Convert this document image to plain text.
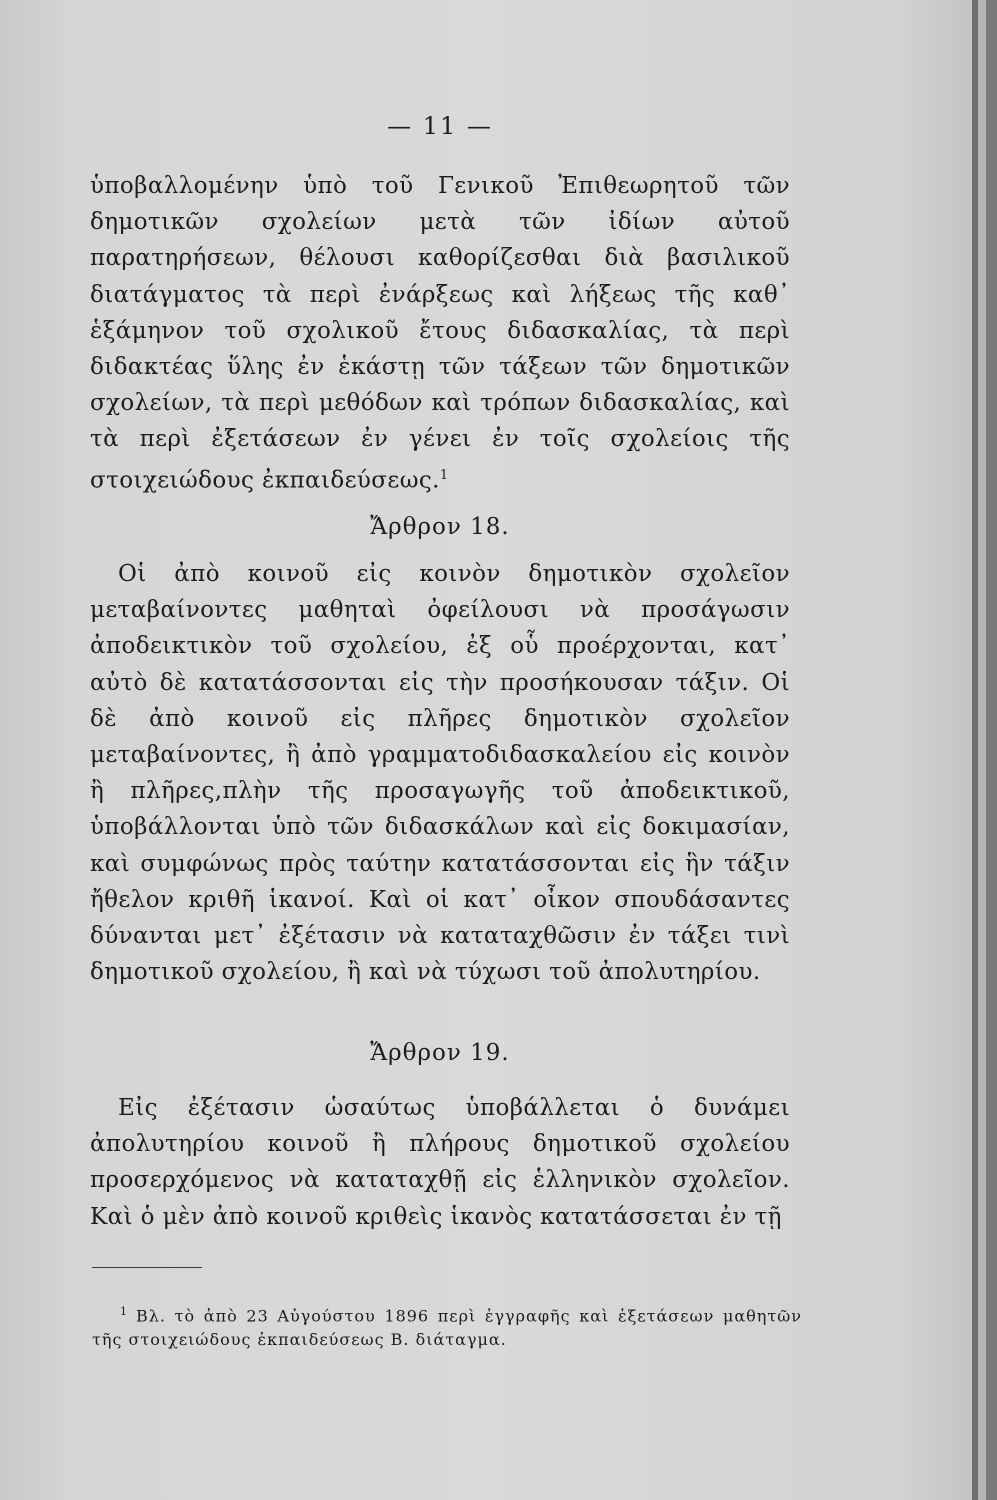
— 11 —
ὑποβαλλομένην ὑπὸ τοῦ Γενικοῦ Ἐπιθεωρητοῦ τῶν δημοτικῶν σχολείων μετὰ τῶν ἰδίων αὐτοῦ παρατηρήσεων, θέλουσι καθορίζεσθαι διὰ βασιλικοῦ διατάγματος τὰ περὶ ἐνάρξεως καὶ λήξεως τῆς καθ᾽ ἑξάμηνον τοῦ σχολικοῦ ἔτους διδασκαλίας, τὰ περὶ διδακτέας ὕλης ἐν ἑκάστῃ τῶν τάξεων τῶν δημοτικῶν σχολείων, τὰ περὶ μεθόδων καὶ τρόπων διδασκαλίας, καὶ τὰ περὶ ἐξετάσεων ἐν γένει ἐν τοῖς σχολείοις τῆς στοιχειώδους ἐκπαιδεύσεως.$^1$
Ἄρθρον 18.
Οἱ ἀπὸ κοινοῦ εἰς κοινὸν δημοτικὸν σχολεῖον μεταβαίνοντες μαθηταὶ ὀφείλουσι νὰ προσάγωσιν ἀποδεικτικὸν τοῦ σχολείου, ἐξ οὗ προέρχονται, κατ᾽ αὐτὸ δὲ κατατάσσονται εἰς τὴν προσήκουσαν τάξιν. Οἱ δὲ ἀπὸ κοινοῦ εἰς πλῆρες δημοτικὸν σχολεῖον μεταβαίνοντες, ἢ ἀπὸ γραμματοδιδασκαλείου εἰς κοινὸν ἢ πλῆρες,πλὴν τῆς προσαγωγῆς τοῦ ἀποδεικτικοῦ, ὑποβάλλονται ὑπὸ τῶν διδασκάλων καὶ εἰς δοκιμασίαν, καὶ συμφώνως πρὸς ταύτην κατατάσσονται εἰς ἣν τάξιν ἤθελον κριθῆ ἱκανοί. Καὶ οἱ κατ᾽ οἶκον σπουδάσαντες δύνανται μετ᾽ ἐξέτασιν νὰ καταταχθῶσιν ἐν τάξει τινὶ δημοτικοῦ σχολείου, ἢ καὶ νὰ τύχωσι τοῦ ἀπολυτηρίου.
Ἄρθρον 19.
Εἰς ἐξέτασιν ὡσαύτως ὑποβάλλεται ὁ δυνάμει ἀπολυτηρίου κοινοῦ ἢ πλήρους δημοτικοῦ σχολείου προσερχόμενος νὰ καταταχθῇ εἰς ἑλληνικὸν σχολεῖον. Καὶ ὁ μὲν ἀπὸ κοινοῦ κριθεὶς ἱκανὸς κατατάσσεται ἐν τῇ
$^1$ Βλ. τὸ ἀπὸ 23 Αὐγούστου 1896 περὶ ἐγγραφῆς καὶ ἐξετάσεων μαθητῶν τῆς στοιχειώδους ἐκπαιδεύσεως Β. διάταγμα.
